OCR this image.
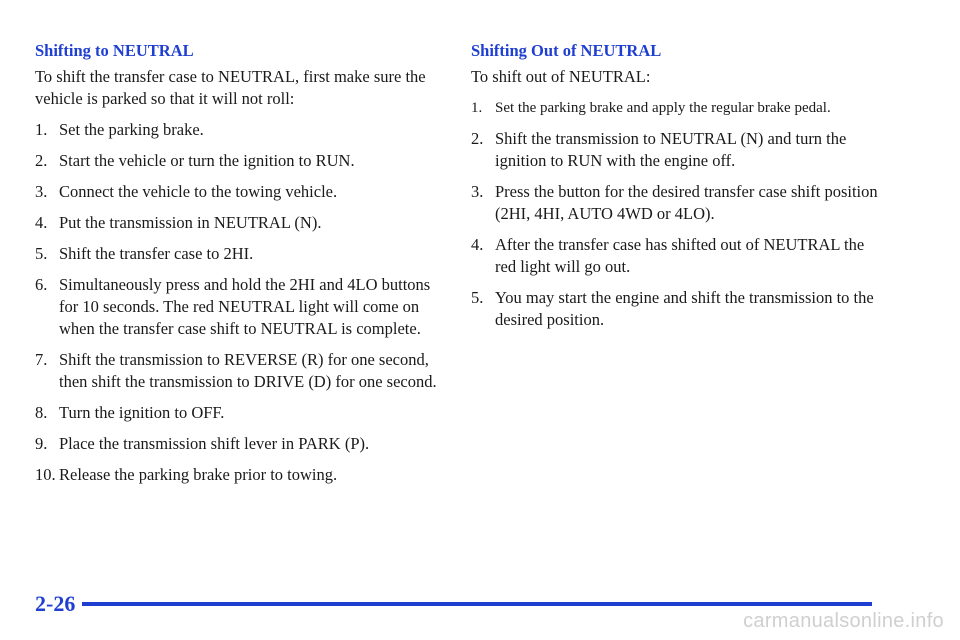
Shifting to NEUTRAL

To shift the transfer case to NEUTRAL, first make sure the vehicle is parked so that it will not roll:

1. Set the parking brake.
2. Start the vehicle or turn the ignition to RUN.
3. Connect the vehicle to the towing vehicle.
4. Put the transmission in NEUTRAL (N).
5. Shift the transfer case to 2HI.
6. Simultaneously press and hold the 2HI and 4LO buttons for 10 seconds. The red NEUTRAL light will come on when the transfer case shift to NEUTRAL is complete.
7. Shift the transmission to REVERSE (R) for one second, then shift the transmission to DRIVE (D) for one second.
8. Turn the ignition to OFF.
9. Place the transmission shift lever in PARK (P).
10. Release the parking brake prior to towing.
Shifting Out of NEUTRAL

To shift out of NEUTRAL:

1. Set the parking brake and apply the regular brake pedal.
2. Shift the transmission to NEUTRAL (N) and turn the ignition to RUN with the engine off.
3. Press the button for the desired transfer case shift position (2HI, 4HI, AUTO 4WD or 4LO).
4. After the transfer case has shifted out of NEUTRAL the red light will go out.
5. You may start the engine and shift the transmission to the desired position.
2-26
carmanualsonline.info
